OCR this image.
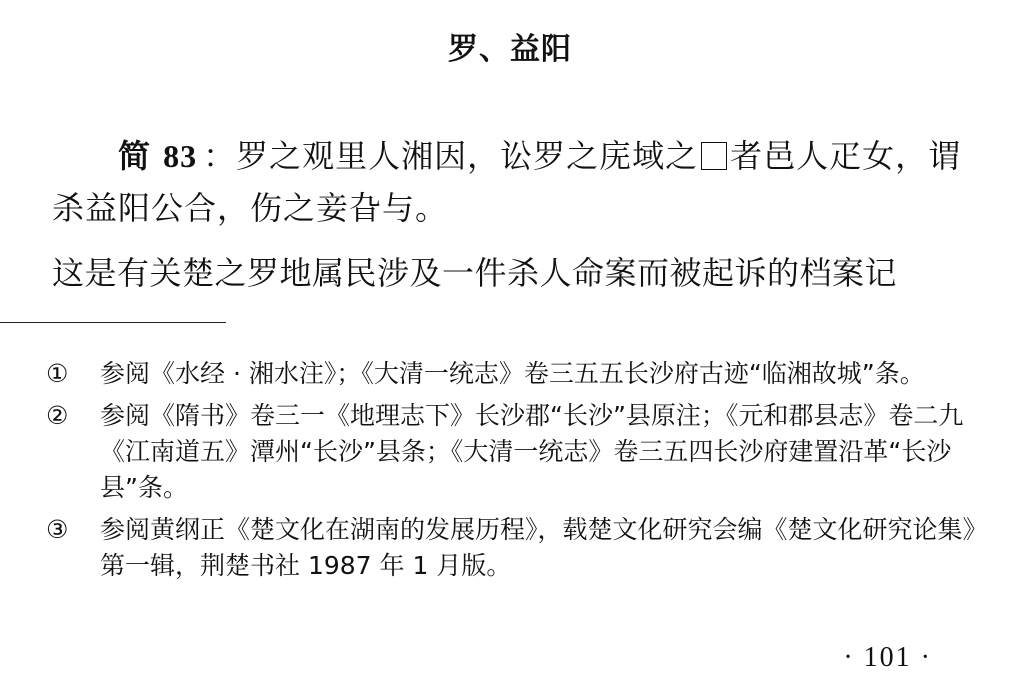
罗、益阳

简 83 ：罗之观里人湘因，讼罗之庑域之 者邑人疋女，谓杀益阳公合，伤之妾旮与。

这是有关楚之罗地属民涉及一件杀人命案而被起诉的档案记
① 参阅《水经 · 湘水注》；《大清一统志》卷三五五长沙府古迹“临湘故城”条。
② 参阅《隋书》卷三一《地理志下》长沙郡“长沙”县原注；《元和郡县志》卷二九《江南道五》潭州“长沙”县条；《大清一统志》卷三五四长沙府建置沿革“长沙县”条。
③ 参阅黄纲正《楚文化在湖南的发展历程》，载楚文化研究会编《楚文化研究论集》第一辑，荆楚书社 1987 年 1 月版。
· 101 ·
